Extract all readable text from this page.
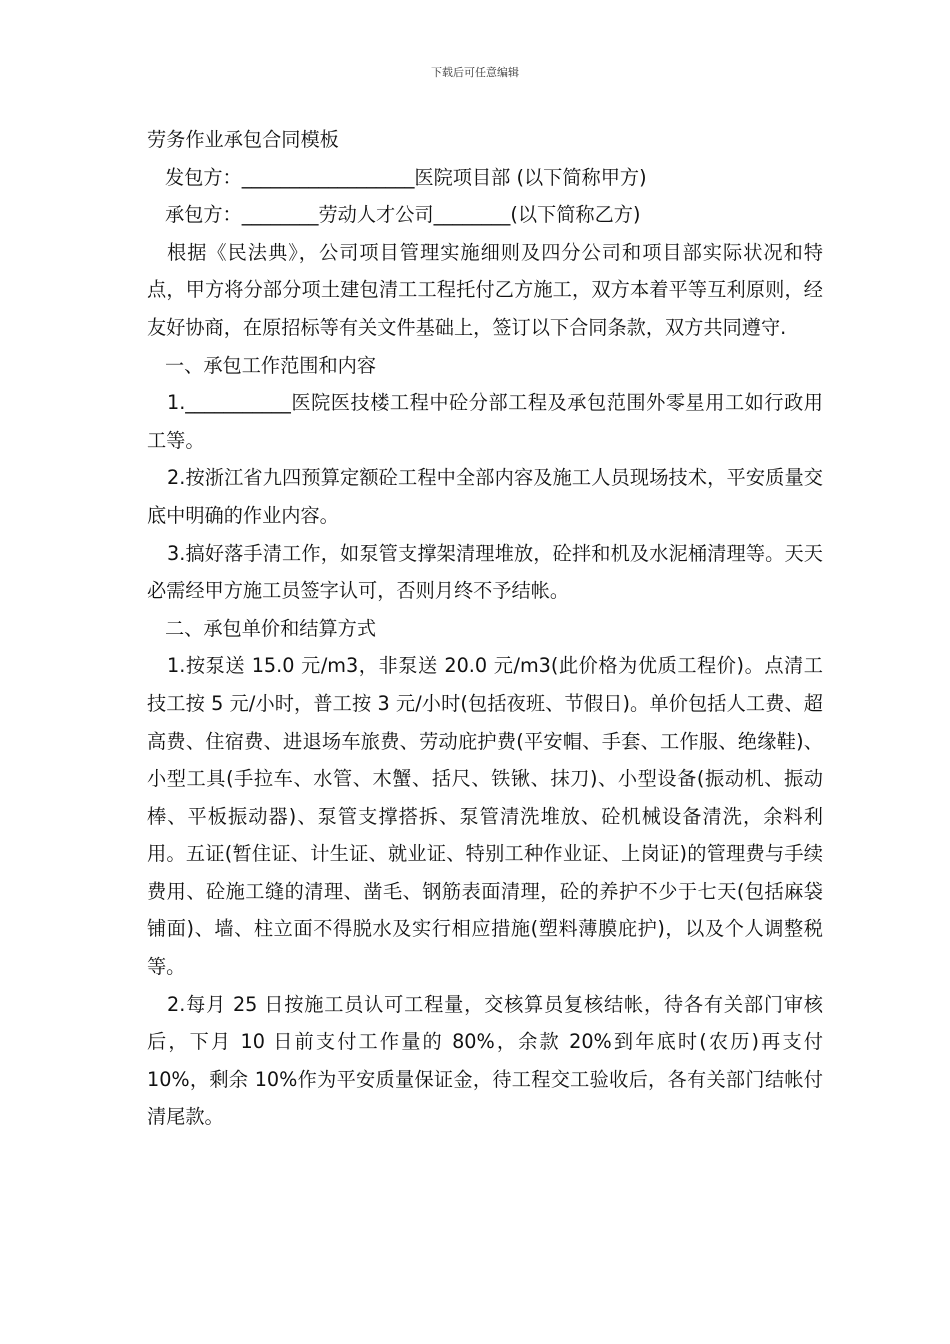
下载后可任意编辑

劳务作业承包合同模板

发包方：__________________医院项目部 (以下简称甲方)

承包方：________劳动人才公司________(以下简称乙方)

根据《民法典》，公司项目管理实施细则及四分公司和项目部实际状况和特点，甲方将分部分项土建包清工工程托付乙方施工，双方本着平等互利原则，经友好协商，在原招标等有关文件基础上，签订以下合同条款，双方共同遵守.

一、承包工作范围和内容

1.___________医院医技楼工程中砼分部工程及承包范围外零星用工如行政用工等。

2.按浙江省九四预算定额砼工程中全部内容及施工人员现场技术，平安质量交底中明确的作业内容。

3.搞好落手清工作，如泵管支撑架清理堆放，砼拌和机及水泥桶清理等。天天必需经甲方施工员签字认可，否则月终不予结帐。

二、承包单价和结算方式

1.按泵送 15.0 元/m3，非泵送 20.0 元/m3(此价格为优质工程价)。点清工技工按 5 元/小时，普工按 3 元/小时(包括夜班、节假日)。单价包括人工费、超高费、住宿费、进退场车旅费、劳动庇护费(平安帽、手套、工作服、绝缘鞋)、小型工具(手拉车、水管、木蟹、括尺、铁锹、抹刀)、小型设备(振动机、振动棒、平板振动器)、泵管支撑搭拆、泵管清洗堆放、砼机械设备清洗，余料利用。五证(暂住证、计生证、就业证、特别工种作业证、上岗证)的管理费与手续费用、砼施工缝的清理、凿毛、钢筋表面清理，砼的养护不少于七天(包括麻袋铺面)、墙、柱立面不得脱水及实行相应措施(塑料薄膜庇护)，以及个人调整税等。

2.每月 25 日按施工员认可工程量，交核算员复核结帐，待各有关部门审核后，下月 10 日前支付工作量的 80%，余款 20%到年底时(农历)再支付 10%，剩余 10%作为平安质量保证金，待工程交工验收后，各有关部门结帐付清尾款。
